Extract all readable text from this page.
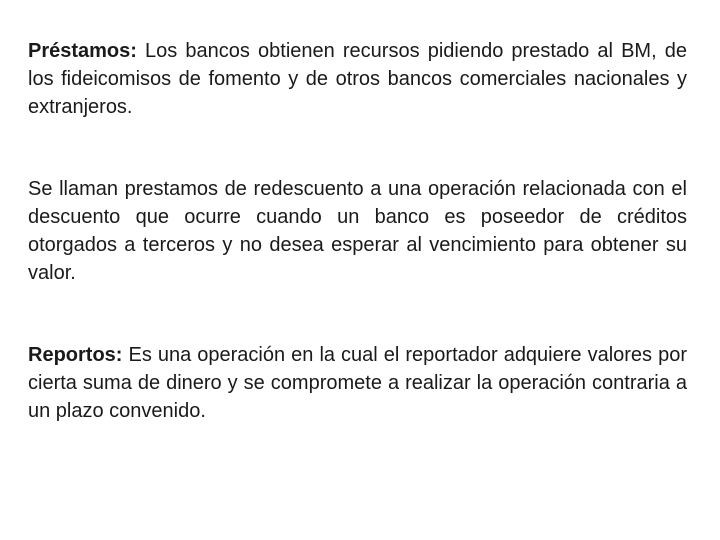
Préstamos: Los bancos obtienen recursos pidiendo prestado al BM, de los fideicomisos de fomento y de otros bancos comerciales nacionales y extranjeros.

Se llaman prestamos de redescuento a una operación relacionada con el descuento que ocurre cuando un banco es poseedor de créditos otorgados a terceros y no desea esperar al vencimiento para obtener su valor.

Reportos: Es una operación en la cual el reportador adquiere valores por cierta suma de dinero y se compromete a realizar la operación contraria a un plazo convenido.
